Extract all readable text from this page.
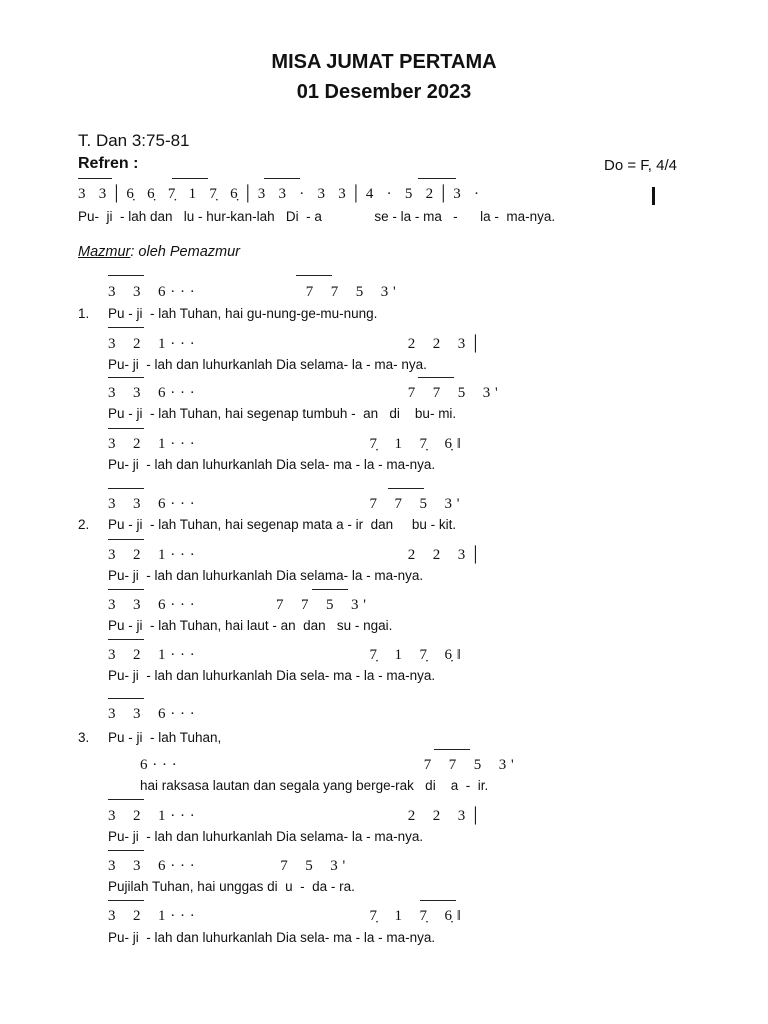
MISA JUMAT PERTAMA
01 Desember 2023
T. Dan 3:75-81
Refren :	Do = F, 4/4
3   3 │ 6̣   6̣   7̣   1   7̣   6̣ │ 3   3   ·   3   3 │ 4   ·   5   2 │ 3   ·
Pu-  ji  - lah dan   lu - hur-kan-lah   Di  - a              se - la - ma   -      la -  ma-nya.
Mazmur: oleh Pemazmur
3    3    6 · · ·                          7    7    5    3 '
1. Pu - ji  - lah Tuhan, hai gu-nung-ge-mu-nung.
3    2    1 · · ·                                                  2    2    3 │
Pu- ji  - lah dan luhurkanlah Dia selama- la - ma- nya.
3    3    6 · · ·                                                  7    7    5    3 '
Pu - ji  - lah Tuhan, hai segenap tumbuh -  an   di    bu- mi.
3    2    1 · · ·                                         7̣    1    7̣    6̣ ‖
Pu- ji  - lah dan luhurkanlah Dia sela- ma - la - ma-nya.
3    3    6 · · ·                                         7    7    5    3 '
2. Pu - ji  - lah Tuhan, hai segenap mata a - ir  dan     bu - kit.
3    2    1 · · ·                                                  2    2    3 │
Pu- ji  - lah dan luhurkanlah Dia selama- la - ma-nya.
3    3    6 · · ·                   7    7    5    3 '
Pu - ji  - lah Tuhan, hai laut - an  dan   su - ngai.
3    2    1 · · ·                                         7̣    1    7̣    6̣ ‖
Pu- ji  - lah dan luhurkanlah Dia sela- ma - la - ma-nya.
3    3    6 · · ·
3. Pu - ji  - lah Tuhan,
6 · · ·                                                          7    7    5    3 '
hai raksasa lautan dan segala yang berge-rak   di    a  -  ir.
3    2    1 · · ·                                                  2    2    3 │
Pu- ji  - lah dan luhurkanlah Dia selama- la - ma-nya.
3    3    6 · · ·                    7    5    3 '
Pujilah Tuhan, hai unggas di  u  -  da - ra.
3    2    1 · · ·                                         7̣    1    7̣    6̣ ‖
Pu- ji  - lah dan luhurkanlah Dia sela- ma - la - ma-nya.
